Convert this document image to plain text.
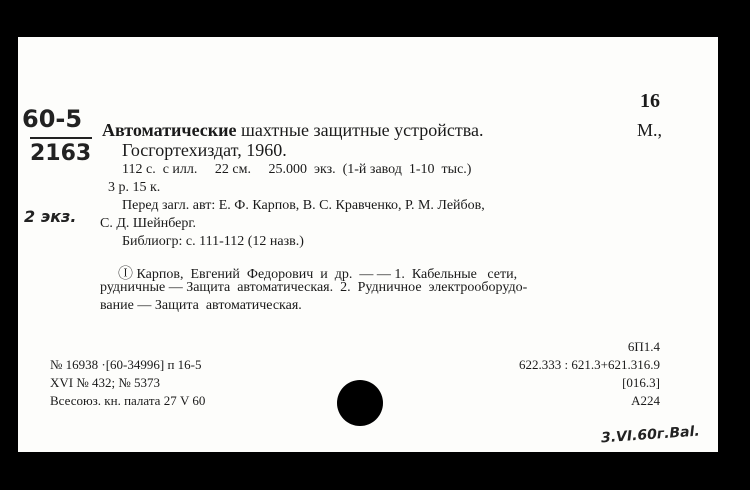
16
60-5
2163
2 экз.
Автоматические шахтные защитные устройства.	М.,
Госгортехиздат, 1960.
112 с.  с илл.     22 см.     25.000  экз.  (1-й завод  1-10  тыс.)
3 р. 15 к.
Перед загл. авт: Е. Ф. Карпов, В. С. Кравченко, Р. М. Лейбов,
С. Д. Шейнберг.
Библиогр: с. 111-112 (12 назв.)
Ⓘ Карпов,  Евгений  Федорович  и  др.  — — 1.  Кабельные   сети,
рудничные — Защита  автоматическая.  2.  Рудничное  электрооборудо-
вание — Защита  автоматическая.
№ 16938 ·[60-34996] п 16-5
XVI № 432; № 5373
Всесоюз. кн. палата 27 V 60
6П1.4
622.333 : 621.3+621.316.9
[016.3]
А224
3.VI.60г.Bal.
